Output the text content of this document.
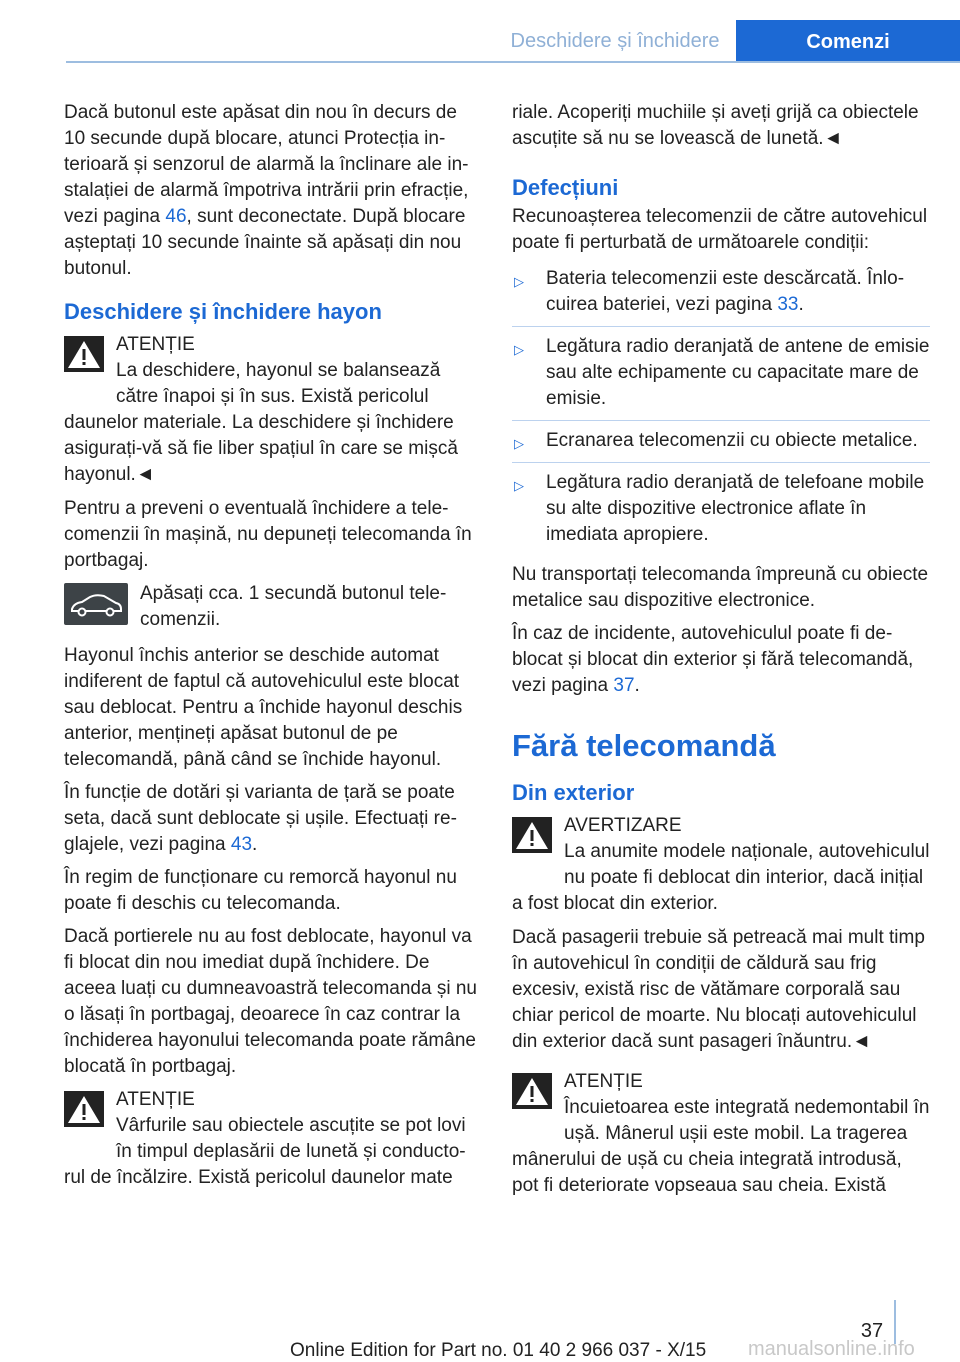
Deschidere și închidere	Comenzi

Dacă butonul este apăsat din nou în decurs de 10 secunde după blocare, atunci Protecția interioară și senzorul de alarmă la înclinare ale instalației de alarmă împotriva intrării prin efracție, vezi pagina 46, sunt deconectate. După blocare așteptați 10 secunde înainte să apăsați din nou butonul.

Deschidere și închidere hayon
ATENȚIE
La deschidere, hayonul se balansează către înapoi și în sus. Există pericolul daunelor materiale. La deschidere și închidere asigurați-vă să fie liber spațiul în care se mișcă hayonul.◄

Pentru a preveni o eventuală închidere a telecomenzii în mașină, nu depuneți telecomanda în portbagaj.

Apăsați cca. 1 secundă butonul telecomenzii.

Hayonul închis anterior se deschide automat indiferent de faptul că autovehiculul este blocat sau deblocat. Pentru a închide hayonul deschis anterior, mențineți apăsat butonul de pe telecomandă, până când se închide hayonul.

În funcție de dotări și varianta de țară se poate seta, dacă sunt deblocate și ușile. Efectuați reglajele, vezi pagina 43.

În regim de funcționare cu remorcă hayonul nu poate fi deschis cu telecomanda.

Dacă portierele nu au fost deblocate, hayonul va fi blocat din nou imediat după închidere. De aceea luați cu dumneavoastră telecomanda și nu o lăsați în portbagaj, deoarece în caz contrar la închiderea hayonului telecomanda poate rămâne blocată în portbagaj.

ATENȚIE
Vârfurile sau obiectele ascuțite se pot lovi în timpul deplasării de lunetă și conductorul de încălzire. Există pericolul daunelor mate

riale. Acoperiți muchiile și aveți grijă ca obiectele ascuțite să nu se lovească de lunetă.◄

Defecțiuni

Recunoașterea telecomenzii de către autovehicul poate fi perturbată de următoarele condiții:

▷ Bateria telecomenzii este descărcată. Înlocuirea bateriei, vezi pagina 33.
▷ Legătura radio deranjată de antene de emisie sau alte echipamente cu capacitate mare de emisie.
▷ Ecranarea telecomenzii cu obiecte metalice.
▷ Legătura radio deranjată de telefoane mobile su alte dispozitive electronice aflate în imediata apropiere.

Nu transportați telecomanda împreună cu obiecte metalice sau dispozitive electronice.

În caz de incidente, autovehiculul poate fi deblocat și blocat din exterior și fără telecomandă, vezi pagina 37.

Fără telecomandă
Din exterior
AVERTIZARE
La anumite modele naționale, autovehiculul nu poate fi deblocat din interior, dacă inițial a fost blocat din exterior.

Dacă pasagerii trebuie să petreacă mai mult timp în autovehicul în condiții de căldură sau frig excesiv, există risc de vătămare corporală sau chiar pericol de moarte. Nu blocați autovehiculul din exterior dacă sunt pasageri înăuntru.◄

ATENȚIE
Încuietoarea este integrată nedemontabil în ușă. Mânerul ușii este mobil. La tragerea mânerului de ușă cu cheia integrată introdusă, pot fi deteriorate vopseaua sau cheia. Există
37
Online Edition for Part no. 01 40 2 966 037 - X/15	manualsonline.info
